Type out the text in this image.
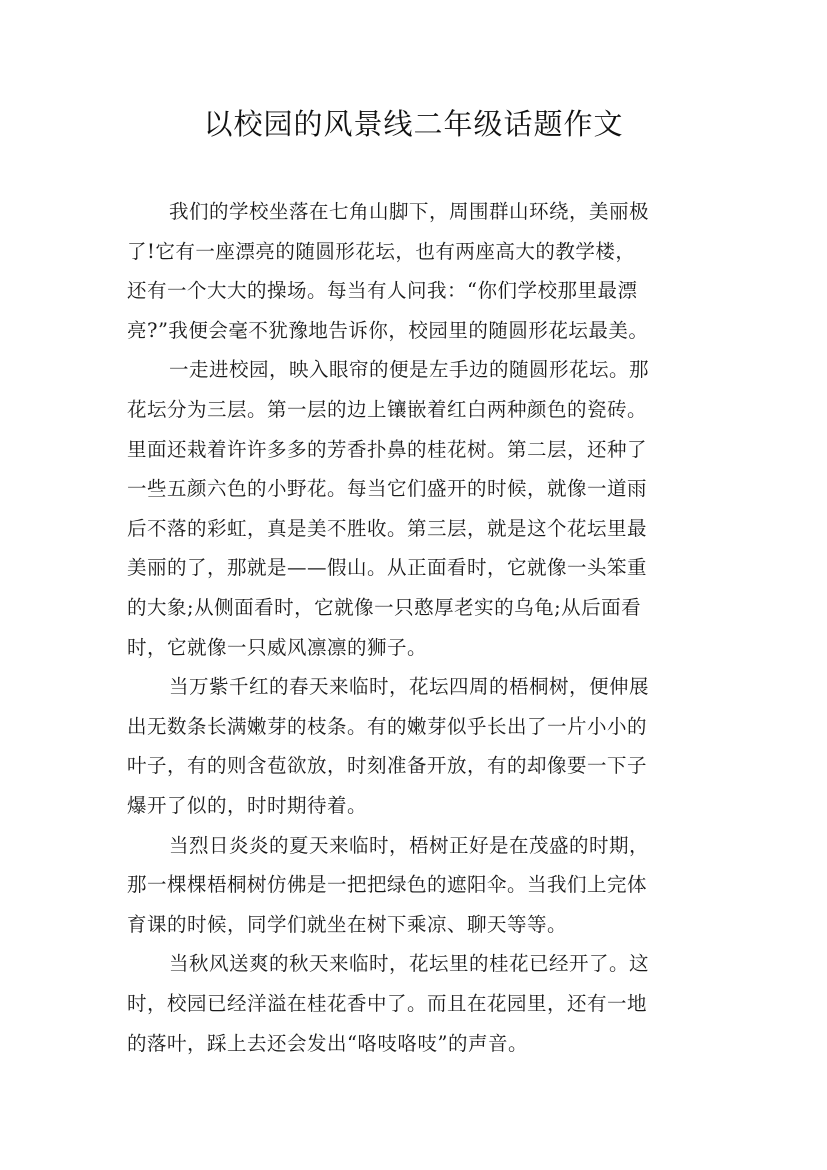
以校园的风景线二年级话题作文
我们的学校坐落在七角山脚下，周围群山环绕，美丽极
了!它有一座漂亮的随圆形花坛，也有两座高大的教学楼，
还有一个大大的操场。每当有人问我：“你们学校那里最漂
亮?”我便会毫不犹豫地告诉你，校园里的随圆形花坛最美。
一走进校园，映入眼帘的便是左手边的随圆形花坛。那
花坛分为三层。第一层的边上镶嵌着红白两种颜色的瓷砖。
里面还栽着许许多多的芳香扑鼻的桂花树。第二层，还种了
一些五颜六色的小野花。每当它们盛开的时候，就像一道雨
后不落的彩虹，真是美不胜收。第三层，就是这个花坛里最
美丽的了，那就是——假山。从正面看时，它就像一头笨重
的大象;从侧面看时，它就像一只憨厚老实的乌龟;从后面看
时，它就像一只威风凛凛的狮子。
当万紫千红的春天来临时，花坛四周的梧桐树，便伸展
出无数条长满嫩芽的枝条。有的嫩芽似乎长出了一片小小的
叶子，有的则含苞欲放，时刻准备开放，有的却像要一下子
爆开了似的，时时期待着。
当烈日炎炎的夏天来临时，梧树正好是在茂盛的时期，
那一棵棵梧桐树仿佛是一把把绿色的遮阳伞。当我们上完体
育课的时候，同学们就坐在树下乘凉、聊天等等。
当秋风送爽的秋天来临时，花坛里的桂花已经开了。这
时，校园已经洋溢在桂花香中了。而且在花园里，还有一地
的落叶，踩上去还会发出“咯吱咯吱”的声音。
